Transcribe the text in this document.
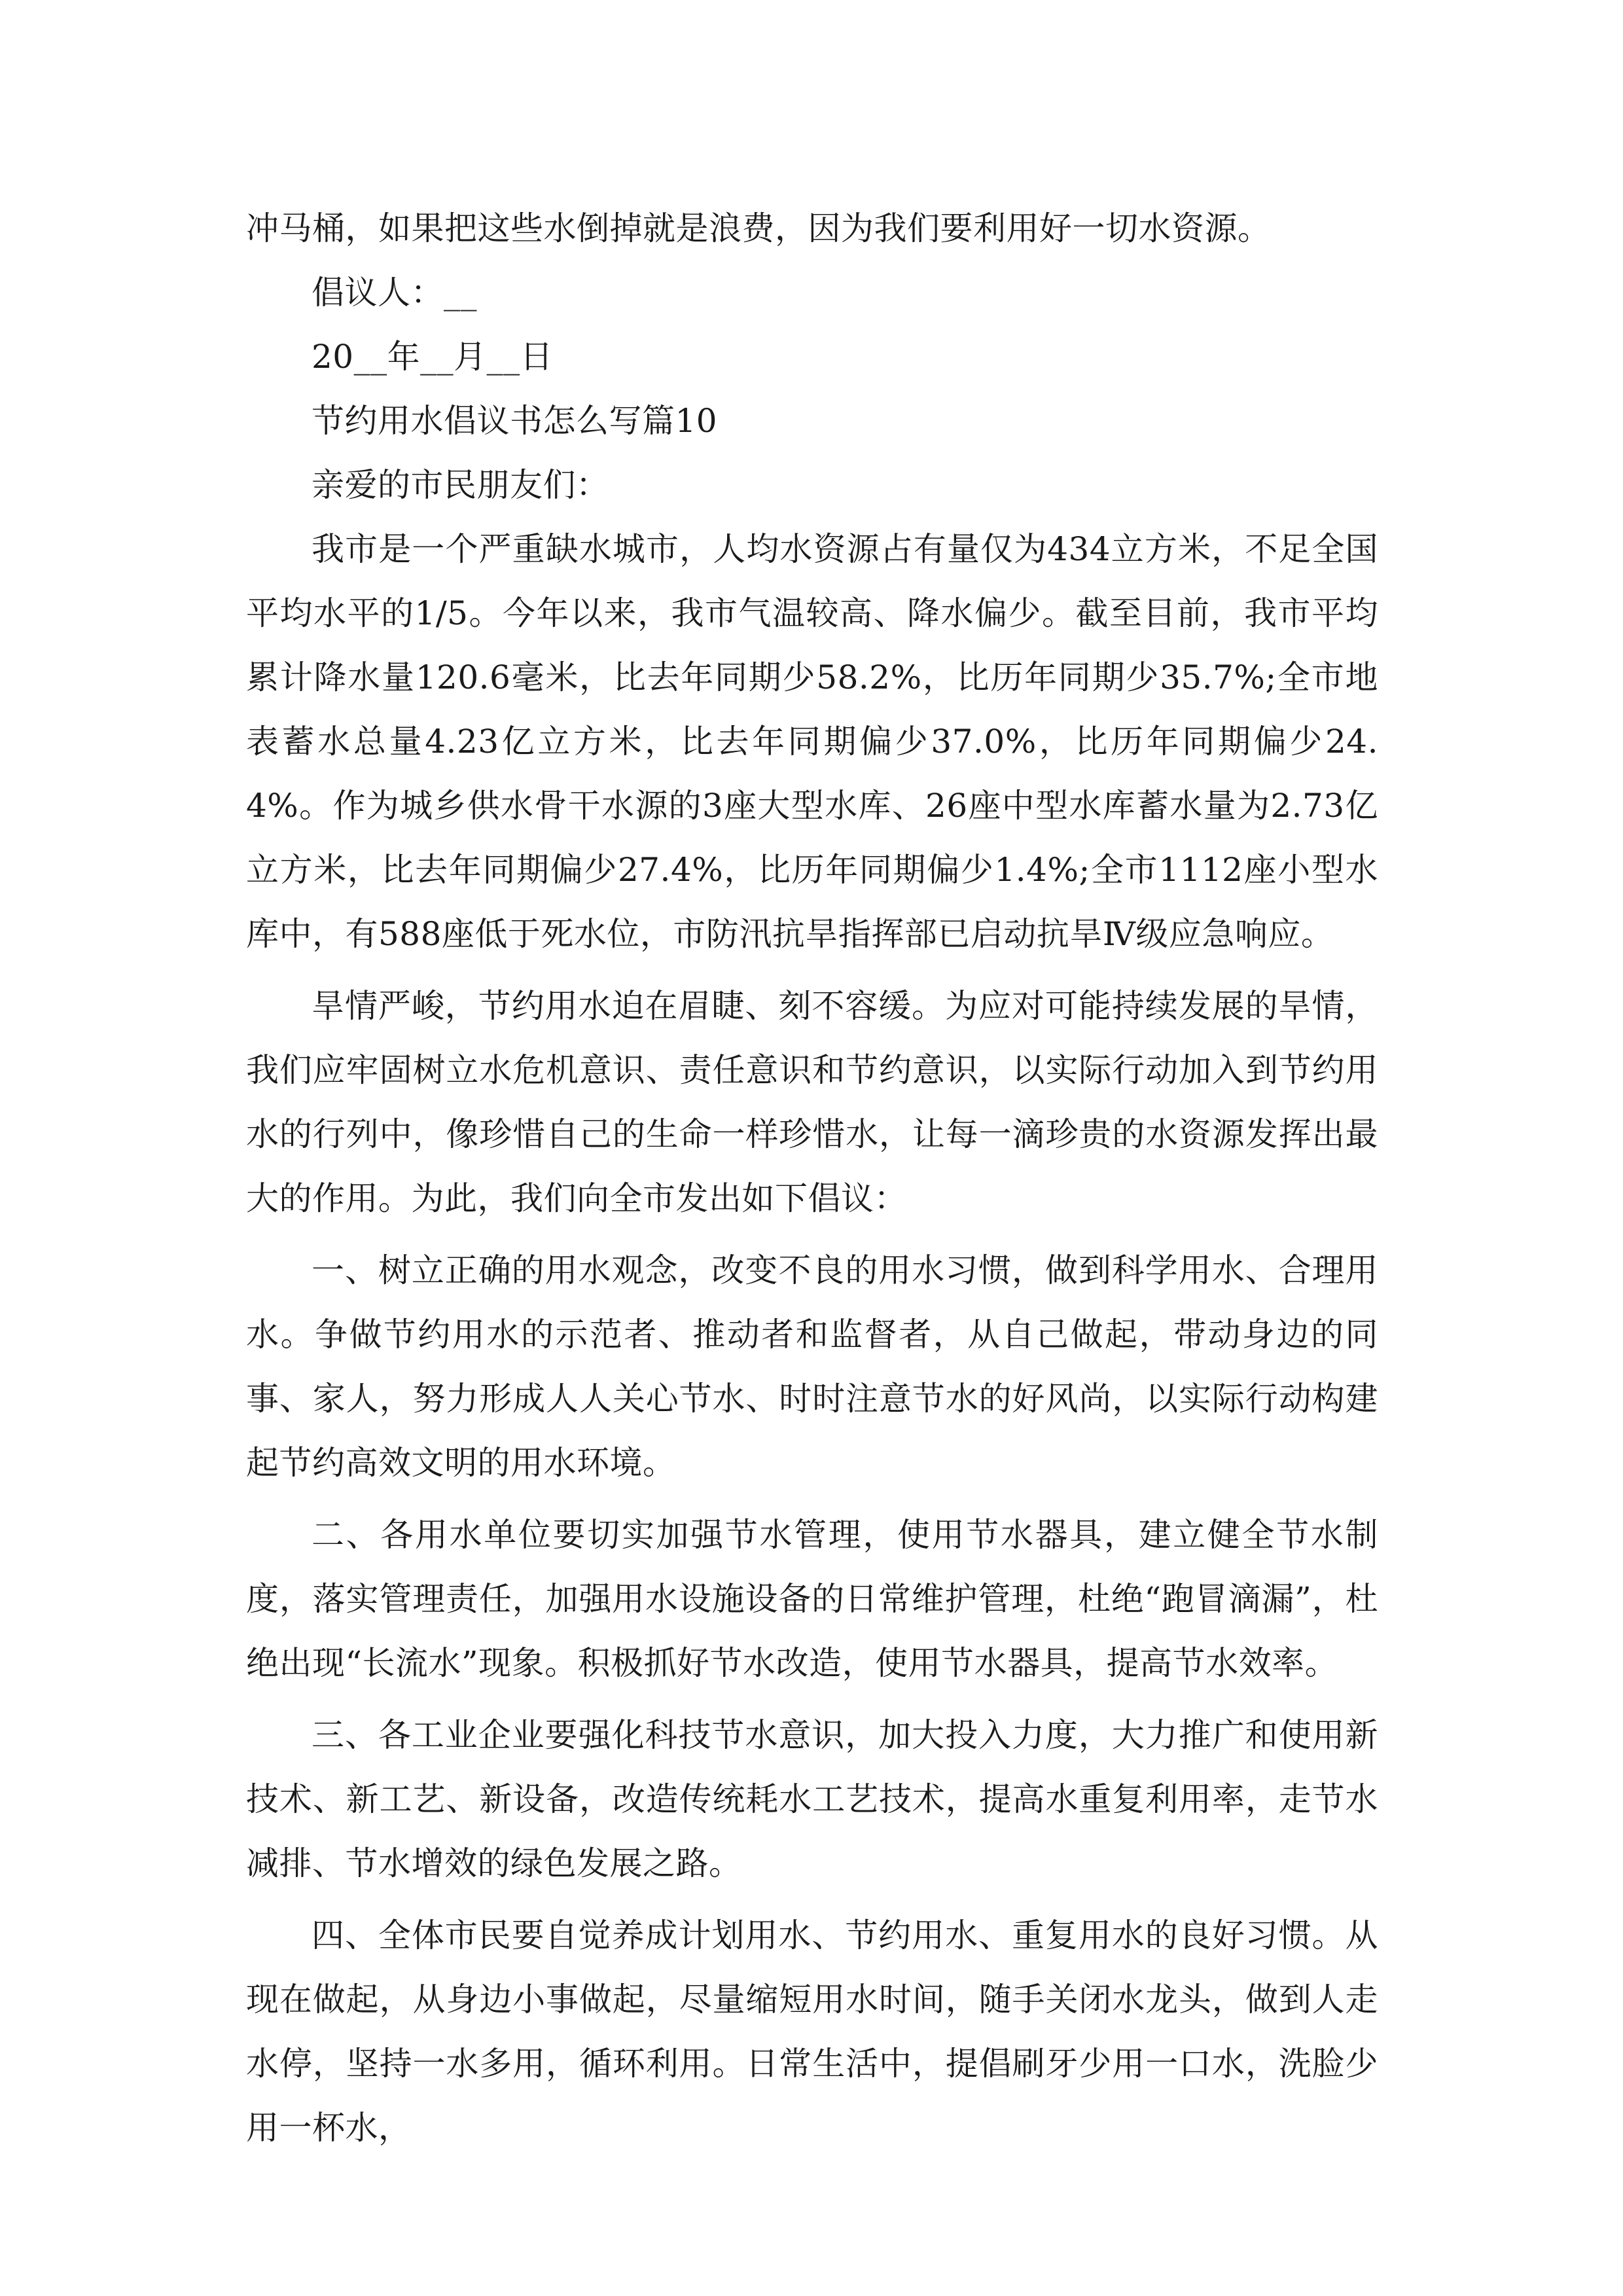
冲马桶，如果把这些水倒掉就是浪费，因为我们要利用好一切水资源。

倡议人：__

20__年__月__日

节约用水倡议书怎么写篇10

亲爱的市民朋友们：

我市是一个严重缺水城市，人均水资源占有量仅为434立方米，不足全国平均水平的1/5。今年以来，我市气温较高、降水偏少。截至目前，我市平均累计降水量120.6毫米，比去年同期少58.2%，比历年同期少35.7%;全市地表蓄水总量4.23亿立方米，比去年同期偏少37.0%，比历年同期偏少24.4%。作为城乡供水骨干水源的3座大型水库、26座中型水库蓄水量为2.73亿立方米，比去年同期偏少27.4%，比历年同期偏少1.4%;全市1112座小型水库中，有588座低于死水位，市防汛抗旱指挥部已启动抗旱Ⅳ级应急响应。

旱情严峻，节约用水迫在眉睫、刻不容缓。为应对可能持续发展的旱情，我们应牢固树立水危机意识、责任意识和节约意识，以实际行动加入到节约用水的行列中，像珍惜自己的生命一样珍惜水，让每一滴珍贵的水资源发挥出最大的作用。为此，我们向全市发出如下倡议：

一、树立正确的用水观念，改变不良的用水习惯，做到科学用水、合理用水。争做节约用水的示范者、推动者和监督者，从自己做起，带动身边的同事、家人，努力形成人人关心节水、时时注意节水的好风尚，以实际行动构建起节约高效文明的用水环境。

二、各用水单位要切实加强节水管理，使用节水器具，建立健全节水制度，落实管理责任，加强用水设施设备的日常维护管理，杜绝“跑冒滴漏”，杜绝出现“长流水”现象。积极抓好节水改造，使用节水器具，提高节水效率。

三、各工业企业要强化科技节水意识，加大投入力度，大力推广和使用新技术、新工艺、新设备，改造传统耗水工艺技术，提高水重复利用率，走节水减排、节水增效的绿色发展之路。

四、全体市民要自觉养成计划用水、节约用水、重复用水的良好习惯。从现在做起，从身边小事做起，尽量缩短用水时间，随手关闭水龙头，做到人走水停，坚持一水多用，循环利用。日常生活中，提倡刷牙少用一口水，洗脸少用一杯水，
